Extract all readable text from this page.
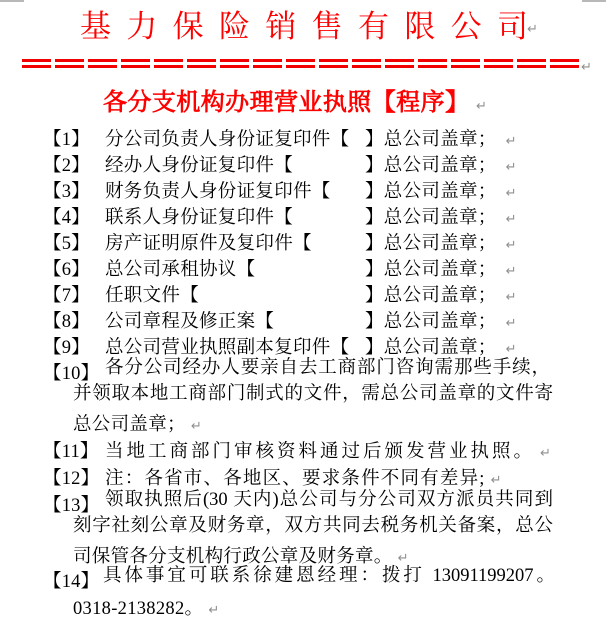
基力保险销售有限公司 ↵
↵
各分支机构办理营业执照【程序】 ↵
【1】 分公司负责人身份证复印件【 】总公司盖章； ↵
【2】 经办人身份证复印件【	】总公司盖章； ↵
【3】 财务负责人身份证复印件【 】总公司盖章； ↵
【4】 联系人身份证复印件【	】总公司盖章； ↵
【5】 房产证明原件及复印件【	】总公司盖章； ↵
【6】 总公司承租协议【	】总公司盖章； ↵
【7】 任职文件【	】总公司盖章； ↵
【8】 公司章程及修正案【	】总公司盖章； ↵
【9】 总公司营业执照副本复印件【 】总公司盖章； ↵
【10】 各分公司经办人要亲自去工商部门咨询需那些手续，
并领取本地工商部门制式的文件，需总公司盖章的文件寄
总公司盖章； ↵
【11】 当地工商部门审核资料通过后颁发营业执照。 ↵
【12】 注：各省市、各地区、要求条件不同有差异; ↵
【13】 领取执照后(30 天内)总公司与分公司双方派员共同到
刻字社刻公章及财务章，双方共同去税务机关备案，总公
司保管各分支机构行政公章及财务章。 ↵
【14】 具体事宜可联系徐建恩经理：拨打 13091199207。
0318-2138282。 ↵
